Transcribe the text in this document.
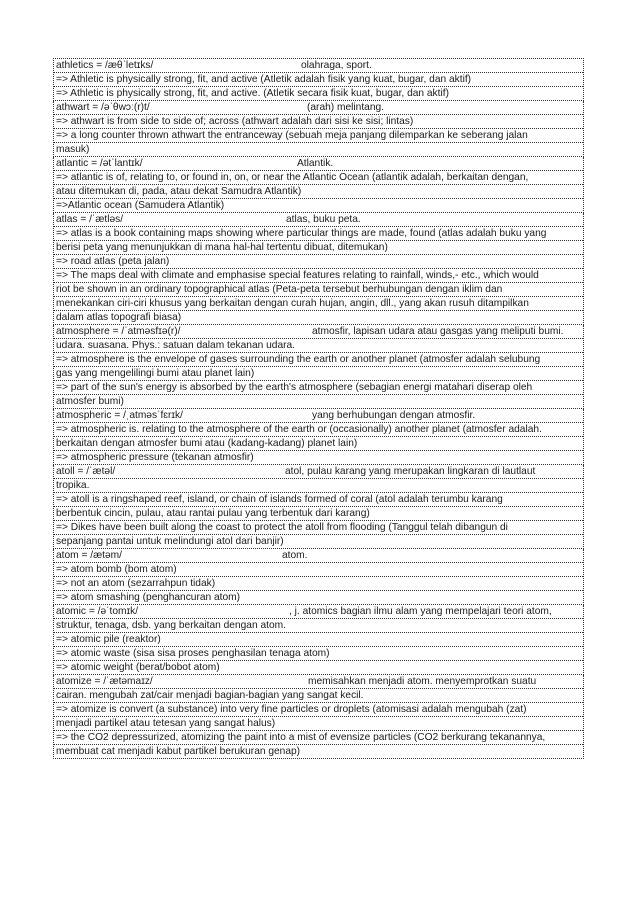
athletics = /æθˈletɪks/	olahraga, sport.
=> Athletic is physically strong, fit, and active (Atletik adalah fisik yang kuat, bugar, dan aktif)
=> Athletic is physically strong, fit, and active. (Atletik secara fisik kuat, bugar, dan aktif)
athwart = /əˈθwɔː(r)t/	(arah) melintang.
=> athwart is from side to side of; across (athwart adalah dari sisi ke sisi; lintas)
=> a long counter thrown athwart the entranceway (sebuah meja panjang dilemparkan ke seberang jalan
masuk)
atlantic = /ətˈlantɪk/	Atlantik.
=> atlantic is of, relating to, or found in, on, or near the Atlantic Ocean (atlantik adalah, berkaitan dengan,
atau ditemukan di, pada, atau dekat Samudra Atlantik)
=>Atlantic ocean (Samudera Atlantik)
atlas = /ˈætləs/	atlas, buku peta.
=> atlas is a book containing maps showing where particular things are made, found (atlas adalah buku yang
berisi peta yang menunjukkan di mana hal-hal tertentu dibuat, ditemukan)
=> road atlas (peta jalan)
=> The maps deal with climate and emphasise special features relating to rainfall, winds,- etc., which would
riot be shown in an ordinary topographical atlas (Peta-peta tersebut berhubungan dengan iklim dan
menekankan ciri-ciri khusus yang berkaitan dengan curah hujan, angin, dll., yang akan rusuh ditampilkan
dalam atlas topografi biasa)
atmosphere = /ˈatməsfɪə(r)/	atmosfir, lapisan udara atau gasgas yang meliputi bumi.
udara. suasana. Phys.: satuan dalam tekanan udara.
=> atmosphere is the envelope of gases surrounding the earth or another planet (atmosfer adalah selubung
gas yang mengelilingi bumi atau planet lain)
=> part of the sun's energy is absorbed by the earth's atmosphere (sebagian energi matahari diserap oleh
atmosfer bumi)
atmospheric = /ˌatməsˈfɛrɪk/	yang berhubungan dengan atmosfir.
=> atmospheric is. relating to the atmosphere of the earth or (occasionally) another planet (atmosfer adalah.
berkaitan dengan atmosfer bumi atau (kadang-kadang) planet lain)
=> atmospheric pressure (tekanan atmosfir)
atoll = /ˈætəl/	atol, pulau karang yang merupakan lingkaran di lautlaut
tropika.
=> atoll is a ringshaped reef, island, or chain of islands formed of coral (atol adalah terumbu karang
berbentuk cincin, pulau, atau rantai pulau yang terbentuk dari karang)
=> Dikes have been built along the coast to protect the atoll from flooding (Tanggul telah dibangun di
sepanjang pantai untuk melindungi atol dari banjir)
atom = /ætəm/	atom.
=> atom bomb (bom atom)
=> not an atom (sezarrahpun tidak)
=> atom smashing (penghancuran atom)
atomic = /əˈtomɪk/	, j. atomics bagian ilmu alam yang mempelajari teori atom,
struktur, tenaga, dsb. yang berkaitan dengan atom.
=> atomic pile (reaktor)
=> atomic waste (sisa sisa proses penghasilan tenaga atom)
=> atomic weight (berat/bobot atom)
atomize = /ˈætəmaɪz/	memisahkan menjadi atom. menyemprotkan suatu
cairan. mengubah zat/cair menjadi bagian-bagian yang sangat kecil.
=> atomize is convert (a substance) into very fine particles or droplets (atomisasi adalah mengubah (zat)
menjadi partikel atau tetesan yang sangat halus)
=> the CO2 depressurized, atomizing the paint into a mist of evensize particles (CO2 berkurang tekanannya,
membuat cat menjadi kabut partikel berukuran genap)
